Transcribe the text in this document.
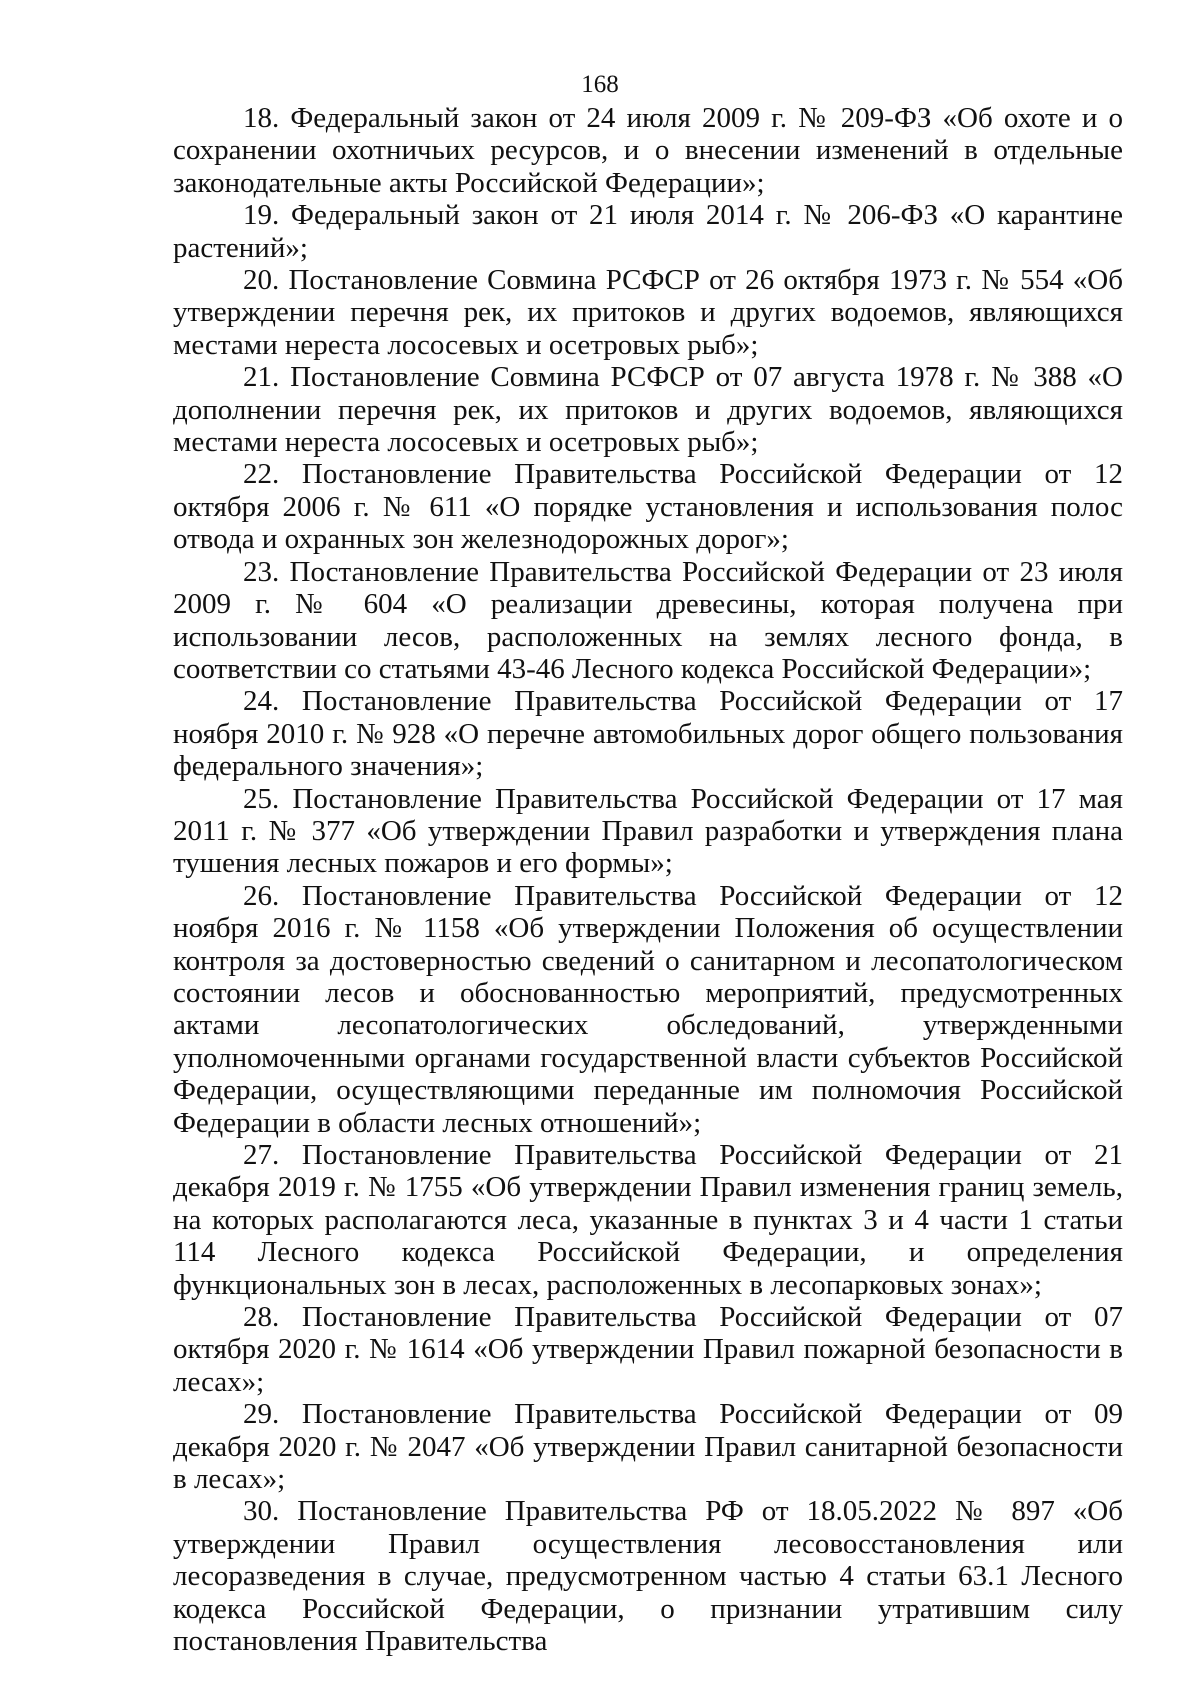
168

18. Федеральный закон от 24 июля 2009 г. № 209-ФЗ «Об охоте и о сохранении охотничьих ресурсов, и о внесении изменений в отдельные законодательные акты Российской Федерации»;

19. Федеральный закон от 21 июля 2014 г. № 206-ФЗ «О карантине растений»;

20. Постановление Совмина РСФСР от 26 октября 1973 г. № 554 «Об утверждении перечня рек, их притоков и других водоемов, являющихся местами нереста лососевых и осетровых рыб»;

21. Постановление Совмина РСФСР от 07 августа 1978 г. № 388 «О дополнении перечня рек, их притоков и других водоемов, являющихся местами нереста лососевых и осетровых рыб»;

22. Постановление Правительства Российской Федерации от 12 октября 2006 г. № 611 «О порядке установления и использования полос отвода и охранных зон железнодорожных дорог»;

23. Постановление Правительства Российской Федерации от 23 июля 2009 г. № 604 «О реализации древесины, которая получена при использовании лесов, расположенных на землях лесного фонда, в соответствии со статьями 43-46 Лесного кодекса Российской Федерации»;

24. Постановление Правительства Российской Федерации от 17 ноября 2010 г. № 928 «О перечне автомобильных дорог общего пользования федерального значения»;

25. Постановление Правительства Российской Федерации от 17 мая 2011 г. № 377 «Об утверждении Правил разработки и утверждения плана тушения лесных пожаров и его формы»;

26. Постановление Правительства Российской Федерации от 12 ноября 2016 г. № 1158 «Об утверждении Положения об осуществлении контроля за достоверностью сведений о санитарном и лесопатологическом состоянии лесов и обоснованностью мероприятий, предусмотренных актами лесопатологических обследований, утвержденными уполномоченными органами государственной власти субъектов Российской Федерации, осуществляющими переданные им полномочия Российской Федерации в области лесных отношений»;

27. Постановление Правительства Российской Федерации от 21 декабря 2019 г. № 1755 «Об утверждении Правил изменения границ земель, на которых располагаются леса, указанные в пунктах 3 и 4 части 1 статьи 114 Лесного кодекса Российской Федерации, и определения функциональных зон в лесах, расположенных в лесопарковых зонах»;

28. Постановление Правительства Российской Федерации от 07 октября 2020 г. № 1614 «Об утверждении Правил пожарной безопасности в лесах»;

29. Постановление Правительства Российской Федерации от 09 декабря 2020 г. № 2047 «Об утверждении Правил санитарной безопасности в лесах»;

30. Постановление Правительства РФ от 18.05.2022 № 897 «Об утверждении Правил осуществления лесовосстановления или лесоразведения в случае, предусмотренном частью 4 статьи 63.1 Лесного кодекса Российской Федерации, о признании утратившим силу постановления Правительства
